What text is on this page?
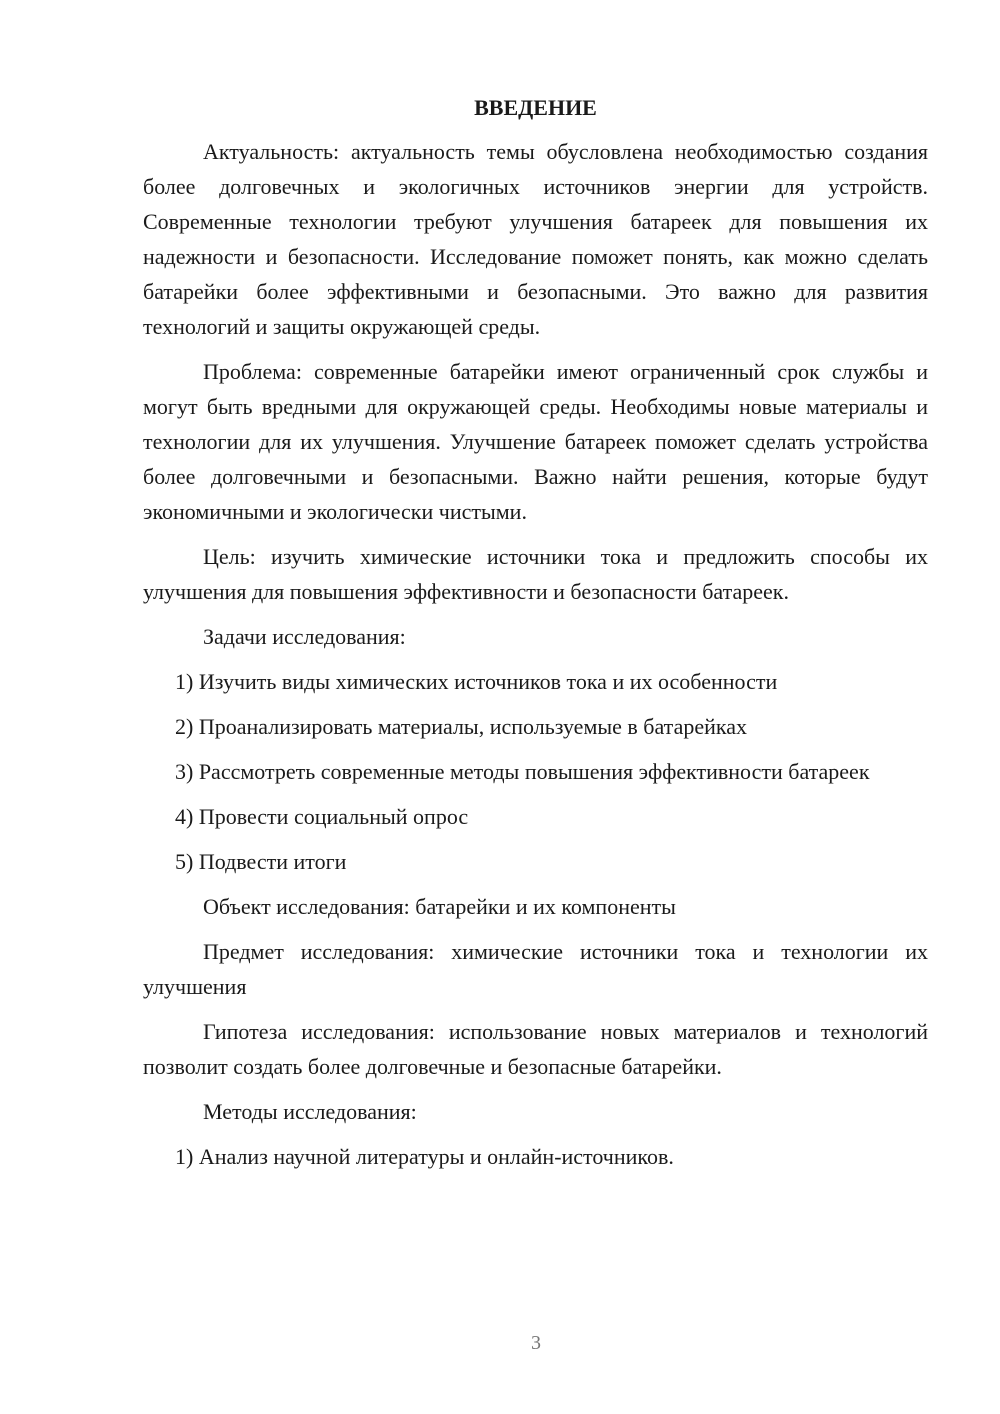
ВВЕДЕНИЕ

Актуальность: актуальность темы обусловлена необходимостью создания более долговечных и экологичных источников энергии для устройств. Современные технологии требуют улучшения батареек для повышения их надежности и безопасности. Исследование поможет понять, как можно сделать батарейки более эффективными и безопасными. Это важно для развития технологий и защиты окружающей среды.

Проблема: современные батарейки имеют ограниченный срок службы и могут быть вредными для окружающей среды. Необходимы новые материалы и технологии для их улучшения. Улучшение батареек поможет сделать устройства более долговечными и безопасными. Важно найти решения, которые будут экономичными и экологически чистыми.

Цель: изучить химические источники тока и предложить способы их улучшения для повышения эффективности и безопасности батареек.

Задачи исследования:

1) Изучить виды химических источников тока и их особенности

2) Проанализировать материалы, используемые в батарейках

3) Рассмотреть современные методы повышения эффективности батареек

4) Провести социальный опрос

5) Подвести итоги

Объект исследования: батарейки и их компоненты

Предмет исследования: химические источники тока и технологии их улучшения

Гипотеза исследования: использование новых материалов и технологий позволит создать более долговечные и безопасные батарейки.

Методы исследования:

1) Анализ научной литературы и онлайн-источников.

3
